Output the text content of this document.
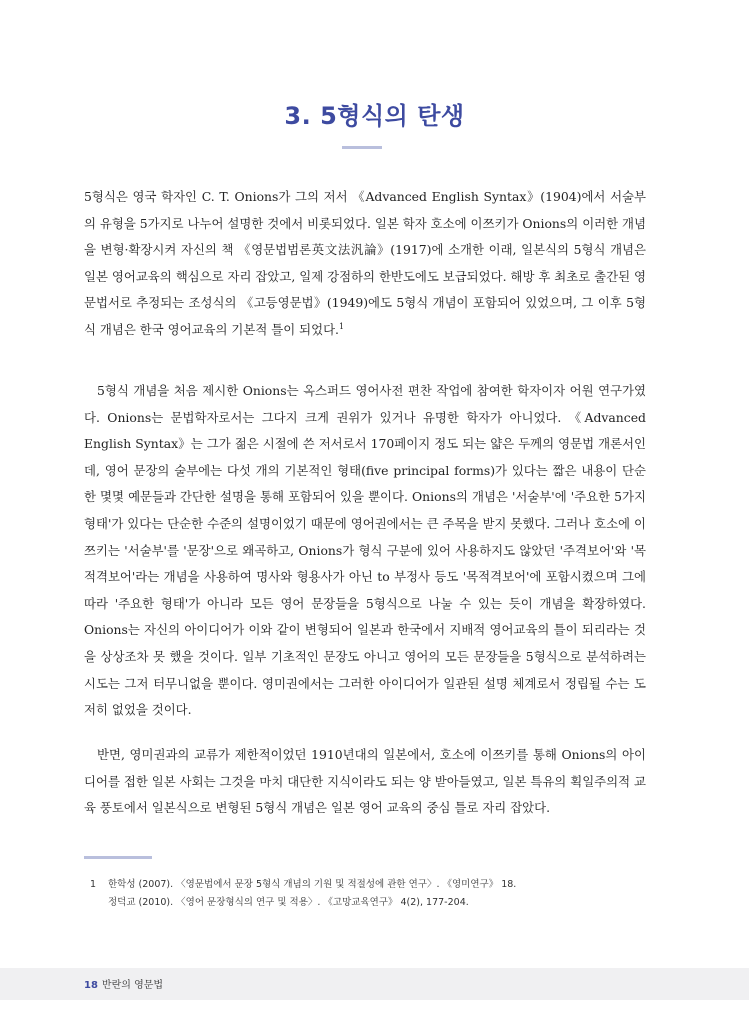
3. 5형식의 탄생

5형식은 영국 학자인 C. T. Onions가 그의 저서 《Advanced English Syntax》(1904)에서 서술부의 유형을 5가지로 나누어 설명한 것에서 비롯되었다. 일본 학자 호소에 이쯔키가 Onions의 이러한 개념을 변형·확장시켜 자신의 책 《영문법범론英文法汎論》(1917)에 소개한 이래, 일본식의 5형식 개념은 일본 영어교육의 핵심으로 자리 잡았고, 일제 강점하의 한반도에도 보급되었다. 해방 후 최초로 출간된 영문법서로 추정되는 조성식의 《고등영문법》(1949)에도 5형식 개념이 포함되어 있었으며, 그 이후 5형식 개념은 한국 영어교육의 기본적 틀이 되었다.$^1$

5형식 개념을 처음 제시한 Onions는 옥스퍼드 영어사전 편찬 작업에 참여한 학자이자 어원 연구가였다. Onions는 문법학자로서는 그다지 크게 권위가 있거나 유명한 학자가 아니었다. 《Advanced English Syntax》는 그가 젊은 시절에 쓴 저서로서 170페이지 정도 되는 얇은 두께의 영문법 개론서인데, 영어 문장의 술부에는 다섯 개의 기본적인 형태(five principal forms)가 있다는 짧은 내용이 단순한 몇몇 예문들과 간단한 설명을 통해 포함되어 있을 뿐이다. Onions의 개념은 '서술부'에 '주요한 5가지 형태'가 있다는 단순한 수준의 설명이었기 때문에 영어권에서는 큰 주목을 받지 못했다. 그러나 호소에 이쯔키는 '서술부'를 '문장'으로 왜곡하고, Onions가 형식 구분에 있어 사용하지도 않았던 '주격보어'와 '목적격보어'라는 개념을 사용하여 명사와 형용사가 아닌 to 부정사 등도 '목적격보어'에 포함시켰으며 그에 따라 '주요한 형태'가 아니라 모든 영어 문장들을 5형식으로 나눌 수 있는 듯이 개념을 확장하였다. Onions는 자신의 아이디어가 이와 같이 변형되어 일본과 한국에서 지배적 영어교육의 틀이 되리라는 것을 상상조차 못 했을 것이다. 일부 기초적인 문장도 아니고 영어의 모든 문장들을 5형식으로 분석하려는 시도는 그저 터무니없을 뿐이다. 영미권에서는 그러한 아이디어가 일관된 설명 체계로서 정립될 수는 도저히 없었을 것이다.

반면, 영미권과의 교류가 제한적이었던 1910년대의 일본에서, 호소에 이쯔키를 통해 Onions의 아이디어를 접한 일본 사회는 그것을 마치 대단한 지식이라도 되는 양 받아들였고, 일본 특유의 획일주의적 교육 풍토에서 일본식으로 변형된 5형식 개념은 일본 영어 교육의 중심 틀로 자리 잡았다.

1 한학성 (2007). 〈영문법에서 문장 5형식 개념의 기원 및 적절성에 관한 연구〉. 《영미연구》 18.
정덕교 (2010). 〈영어 문장형식의 연구 및 적용〉. 《고망교육연구》 4(2), 177-204.
18 반란의 영문법
